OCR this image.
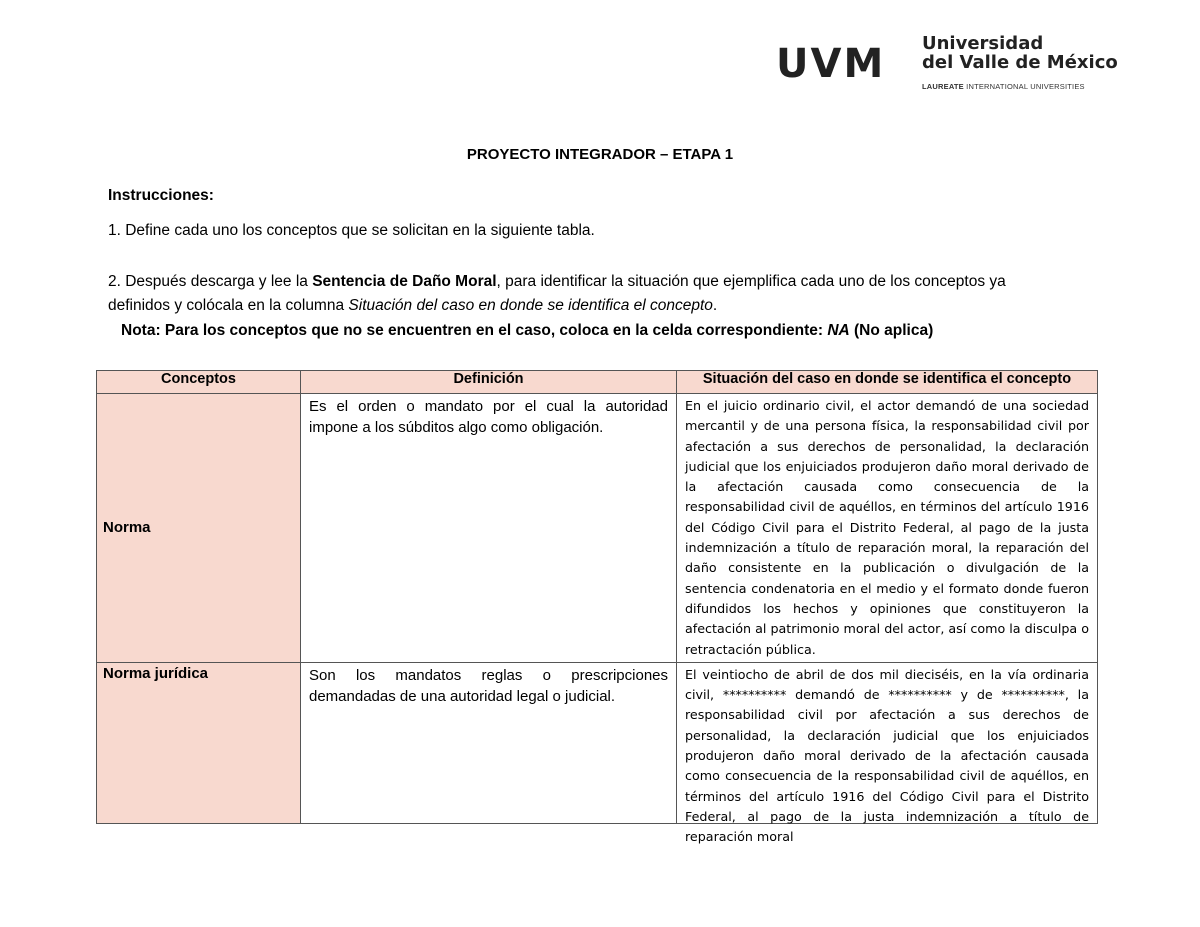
UVM Universidad
del Valle de México
LAUREATE INTERNATIONAL UNIVERSITIES
PROYECTO INTEGRADOR – ETAPA 1
Instrucciones:
1. Define cada uno los conceptos que se solicitan en la siguiente tabla.
2. Después descarga y lee la Sentencia de Daño Moral, para identificar la situación que ejemplifica cada uno de los conceptos ya definidos y colócala en la columna Situación del caso en donde se identifica el concepto.
Nota: Para los conceptos que no se encuentren en el caso, coloca en la celda correspondiente: NA (No aplica)
Conceptos	Definición	Situación del caso en donde se identifica el concepto
Norma	Es el orden o mandato por el cual la autoridad impone a los súbditos algo como obligación.	En el juicio ordinario civil, el actor demandó de una sociedad mercantil y de una persona física, la responsabilidad civil por afectación a sus derechos de personalidad, la declaración judicial que los enjuiciados produjeron daño moral derivado de la afectación causada como consecuencia de la responsabilidad civil de aquéllos, en términos del artículo 1916 del Código Civil para el Distrito Federal, al pago de la justa indemnización a título de reparación moral, la reparación del daño consistente en la publicación o divulgación de la sentencia condenatoria en el medio y el formato donde fueron difundidos los hechos y opiniones que constituyeron la afectación al patrimonio moral del actor, así como la disculpa o retractación pública.
Norma jurídica	Son los mandatos reglas o prescripciones demandadas de una autoridad legal o judicial.	El veintiocho de abril de dos mil dieciséis, en la vía ordinaria civil, ********** demandó de ********** y de **********, la responsabilidad civil por afectación a sus derechos de personalidad, la declaración judicial que los enjuiciados produjeron daño moral derivado de la afectación causada como consecuencia de la responsabilidad civil de aquéllos, en términos del artículo 1916 del Código Civil para el Distrito Federal, al pago de la justa indemnización a título de reparación moral
